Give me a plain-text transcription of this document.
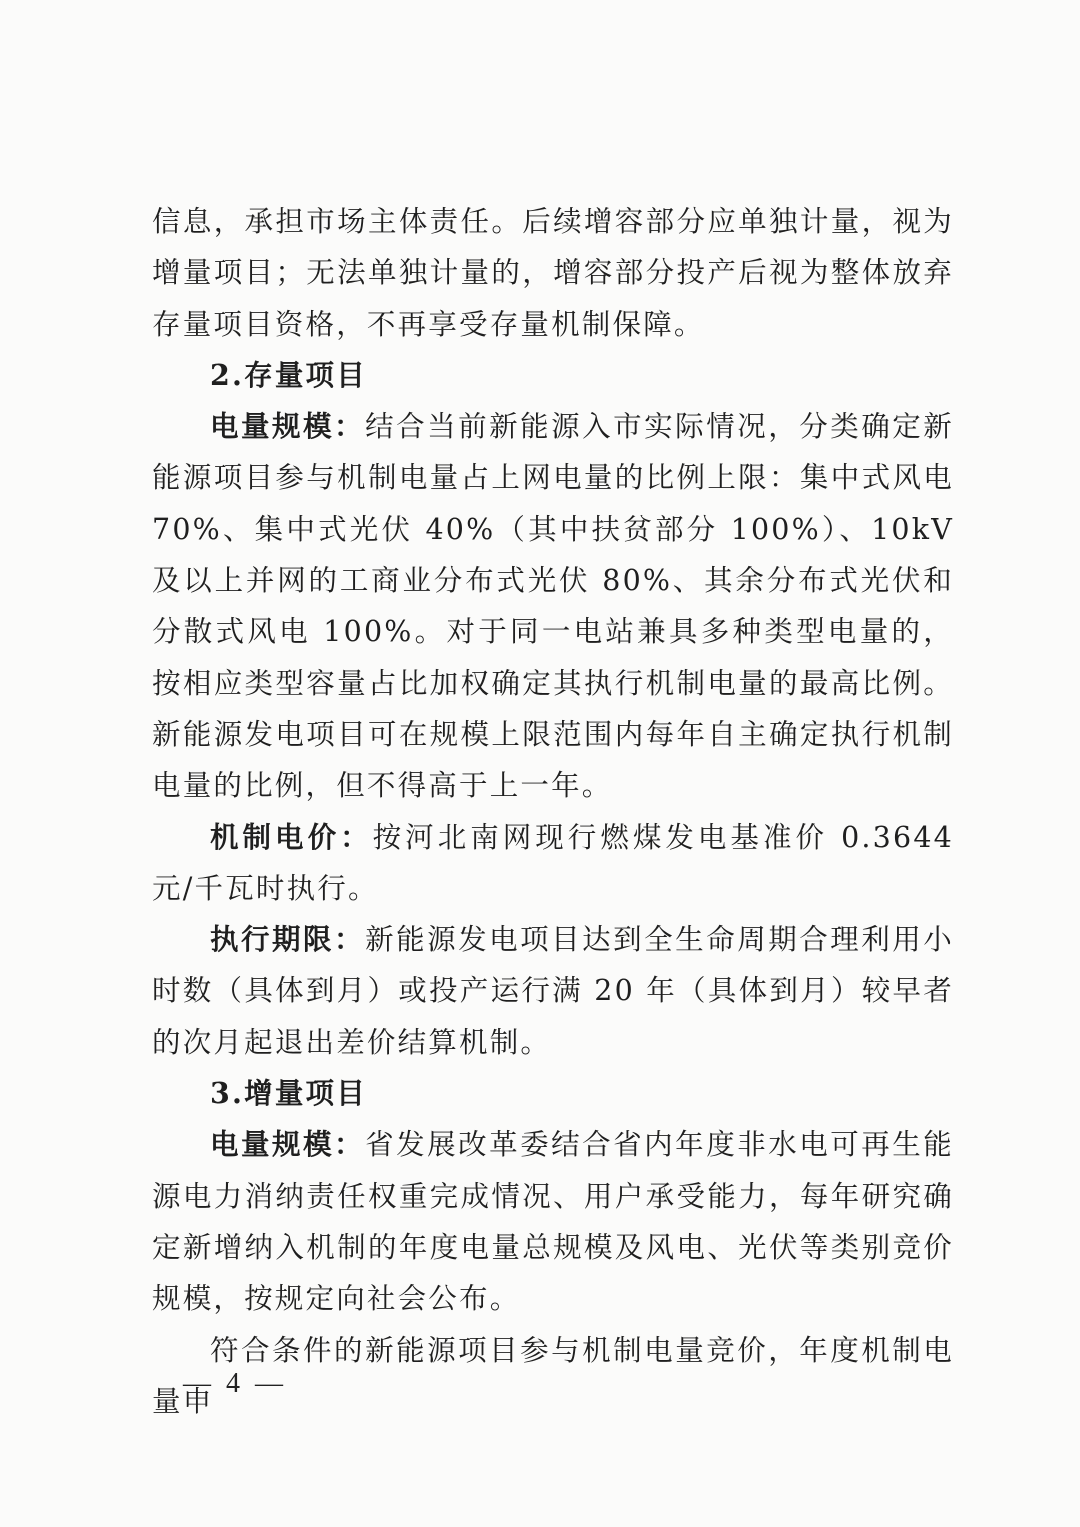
信息，承担市场主体责任。后续增容部分应单独计量，视为增量项目；无法单独计量的，增容部分投产后视为整体放弃存量项目资格，不再享受存量机制保障。

2.存量项目

电量规模：结合当前新能源入市实际情况，分类确定新能源项目参与机制电量占上网电量的比例上限：集中式风电 70%、集中式光伏 40%（其中扶贫部分 100%）、10kV 及以上并网的工商业分布式光伏 80%、其余分布式光伏和分散式风电 100%。对于同一电站兼具多种类型电量的，按相应类型容量占比加权确定其执行机制电量的最高比例。新能源发电项目可在规模上限范围内每年自主确定执行机制电量的比例，但不得高于上一年。

机制电价：按河北南网现行燃煤发电基准价 0.3644 元/千瓦时执行。

执行期限：新能源发电项目达到全生命周期合理利用小时数（具体到月）或投产运行满 20 年（具体到月）较早者的次月起退出差价结算机制。

3.增量项目

电量规模：省发展改革委结合省内年度非水电可再生能源电力消纳责任权重完成情况、用户承受能力，每年研究确定新增纳入机制的年度电量总规模及风电、光伏等类别竞价规模，按规定向社会公布。

符合条件的新能源项目参与机制电量竞价，年度机制电量申

— 4 —
